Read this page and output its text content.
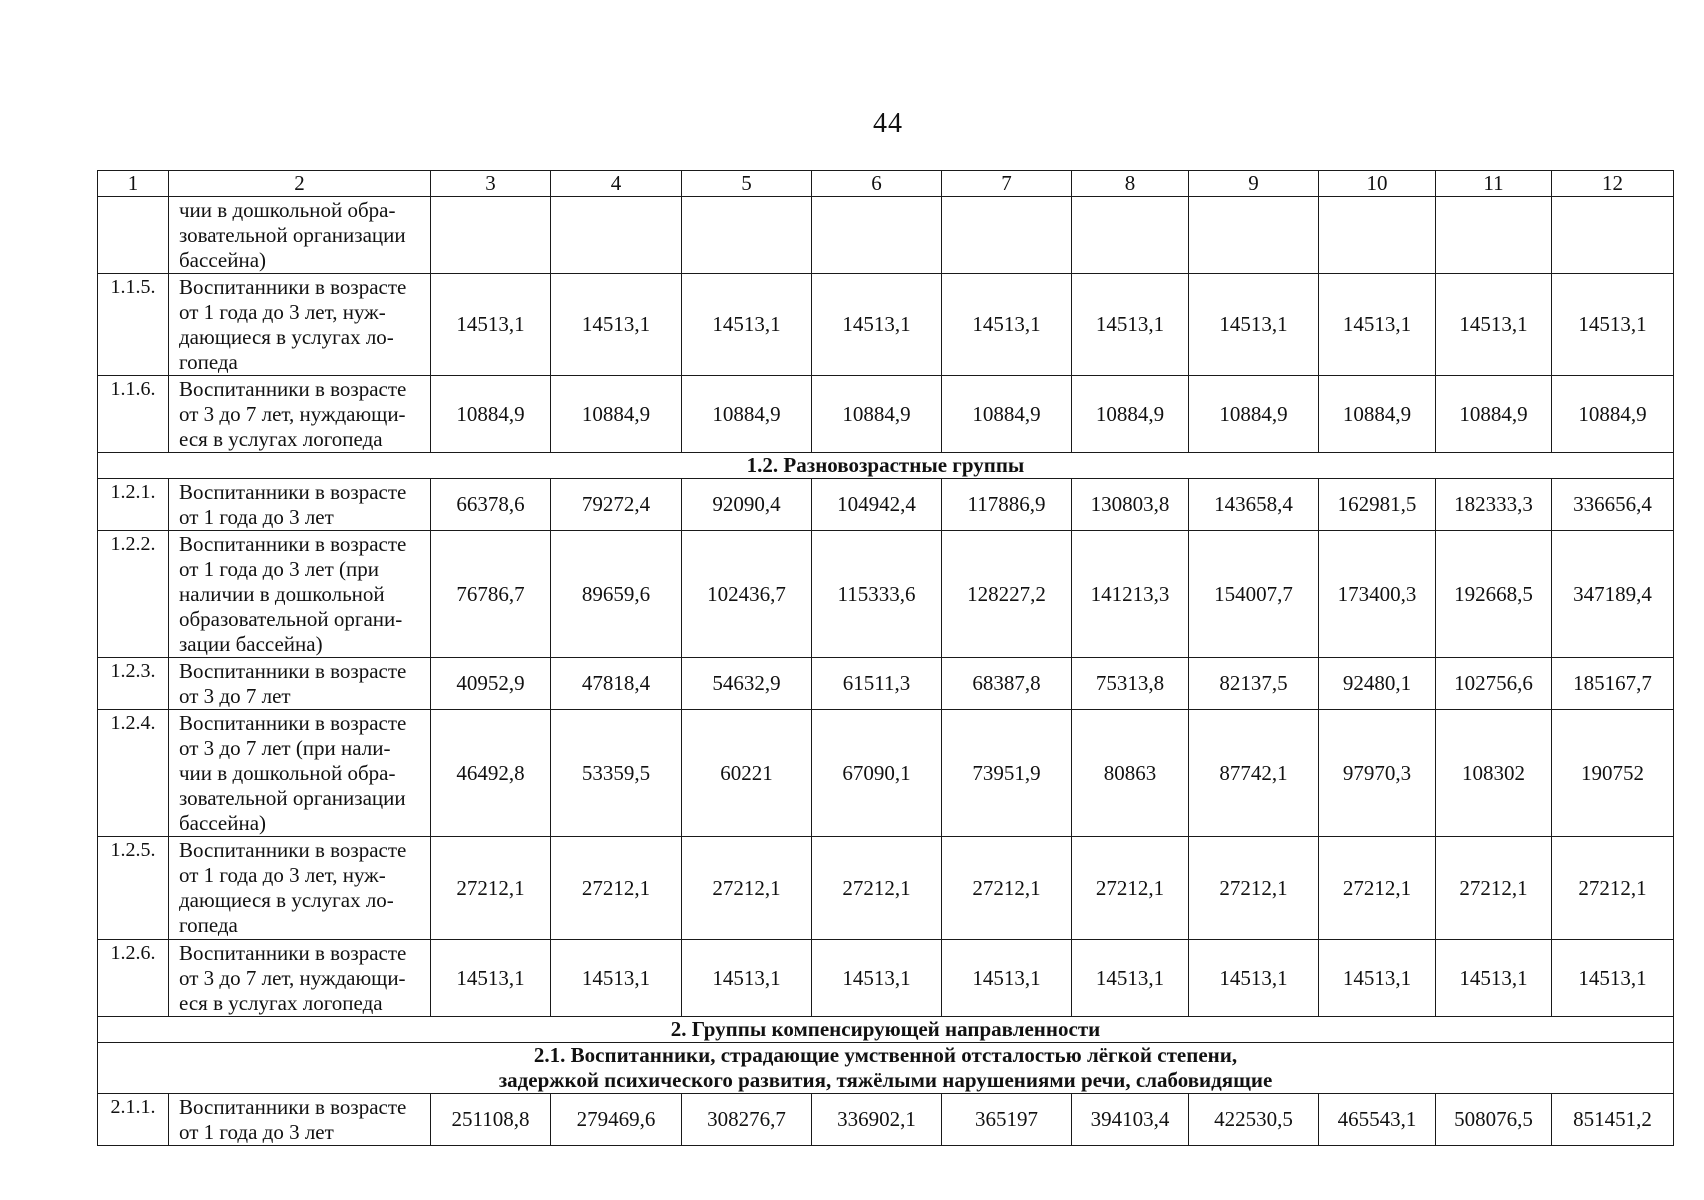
44
1	2	3	4	5	6	7	8	9	10	11	12

	чии в дошкольной обра-
зовательной организации
бассейна)										

1.1.5.	Воспитанники в возрасте
от 1 года до 3 лет, нуж-
дающиеся в услугах ло-
гопеда	14513,1	14513,1	14513,1	14513,1	14513,1	14513,1	14513,1	14513,1	14513,1	14513,1
1.1.6.	Воспитанники в возрасте
от 3 до 7 лет, нуждающи-
еся в услугах логопеда	10884,9	10884,9	10884,9	10884,9	10884,9	10884,9	10884,9	10884,9	10884,9	10884,9

1.2. Разновозрастные группы											

1.2.1.	Воспитанники в возрасте
от 1 года до 3 лет	66378,6	79272,4	92090,4	104942,4	117886,9	130803,8	143658,4	162981,5	182333,3	336656,4
1.2.2.	Воспитанники в возрасте
от 1 года до 3 лет (при
наличии в дошкольной
образовательной органи-
зации бассейна)	76786,7	89659,6	102436,7	115333,6	128227,2	141213,3	154007,7	173400,3	192668,5	347189,4
1.2.3.	Воспитанники в возрасте
от 3 до 7 лет	40952,9	47818,4	54632,9	61511,3	68387,8	75313,8	82137,5	92480,1	102756,6	185167,7
1.2.4.	Воспитанники в возрасте
от 3 до 7 лет (при нали-
чии в дошкольной обра-
зовательной организации
бассейна)	46492,8	53359,5	60221	67090,1	73951,9	80863	87742,1	97970,3	108302	190752
1.2.5.	Воспитанники в возрасте
от 1 года до 3 лет, нуж-
дающиеся в услугах ло-
гопеда	27212,1	27212,1	27212,1	27212,1	27212,1	27212,1	27212,1	27212,1	27212,1	27212,1
1.2.6.	Воспитанники в возрасте
от 3 до 7 лет, нуждающи-
еся в услугах логопеда	14513,1	14513,1	14513,1	14513,1	14513,1	14513,1	14513,1	14513,1	14513,1	14513,1

2. Группы компенсирующей направленности											

2.1. Воспитанники, страдающие умственной отсталостью лёгкой степени,
задержкой психического развития, тяжёлыми нарушениями речи, слабовидящие											

2.1.1.	Воспитанники в возрасте
от 1 года до 3 лет	251108,8	279469,6	308276,7	336902,1	365197	394103,4	422530,5	465543,1	508076,5	851451,2
